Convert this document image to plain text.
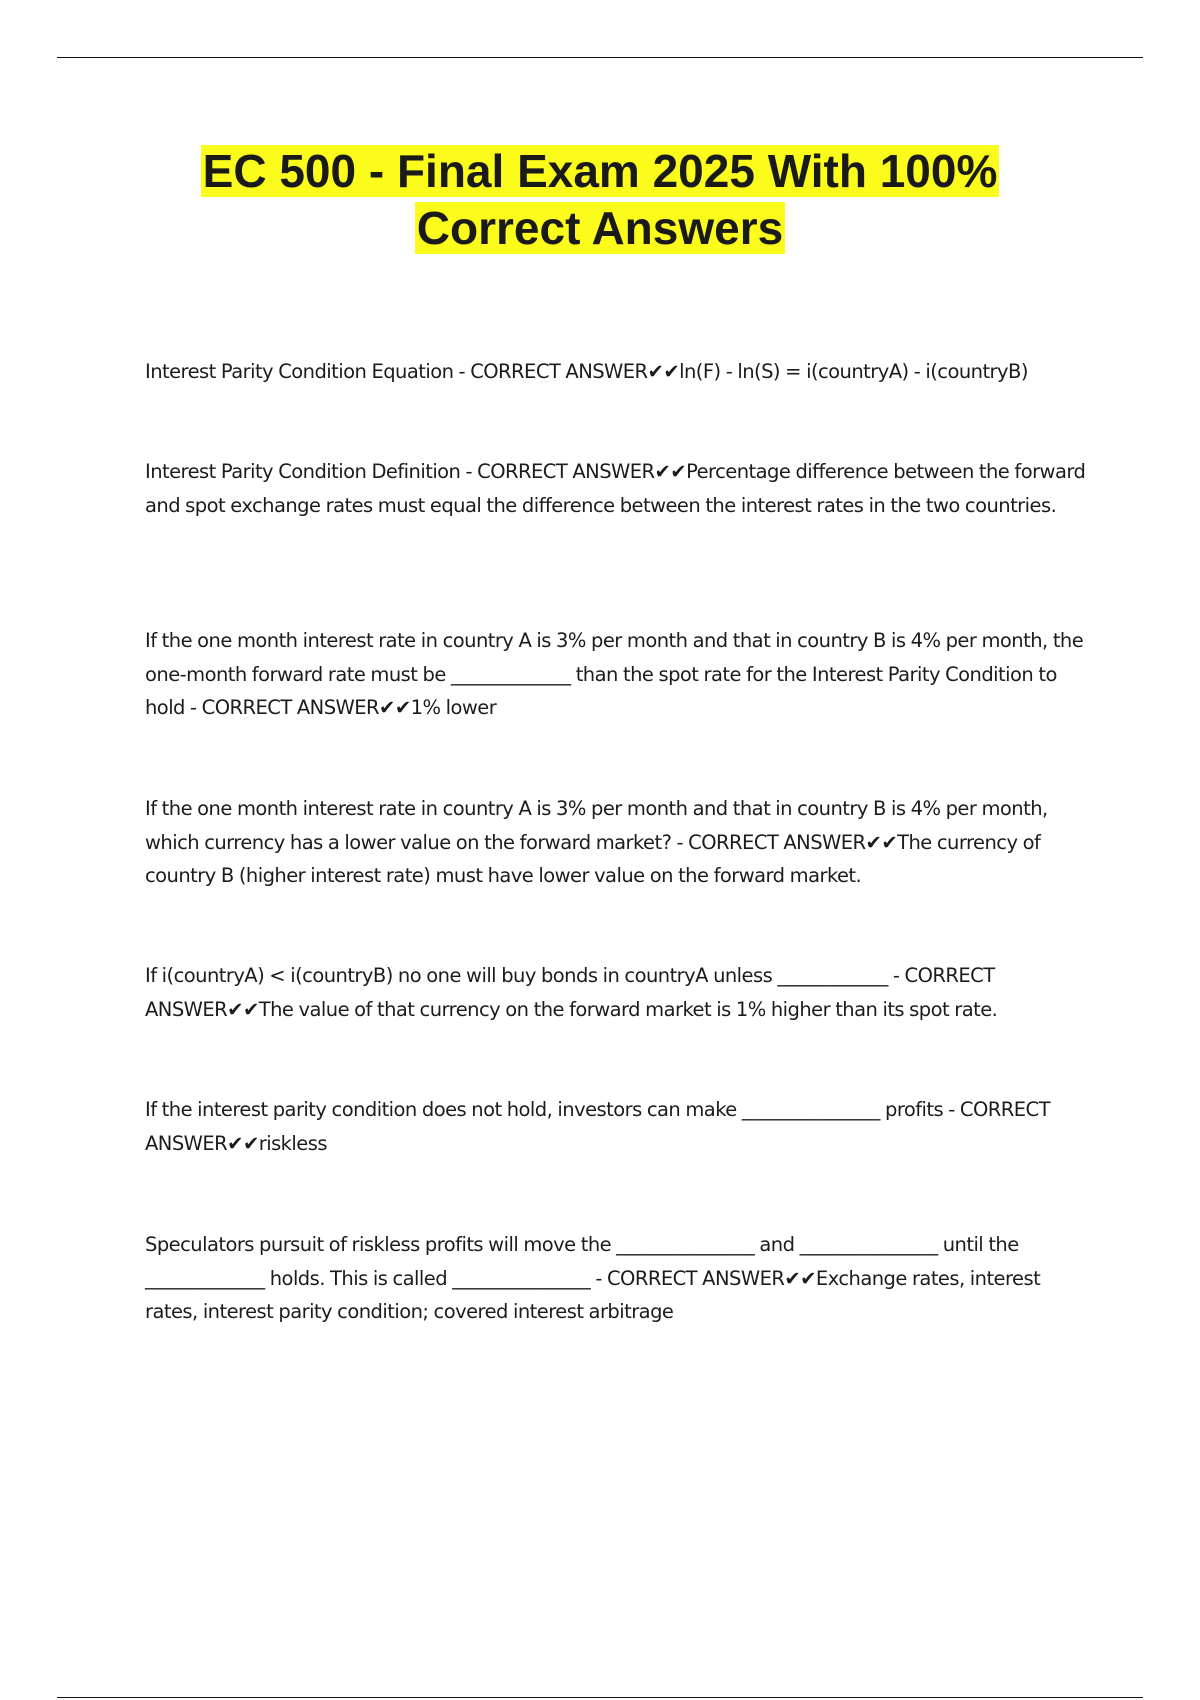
EC 500 - Final Exam 2025 With 100%
Correct Answers

Interest Parity Condition Equation - CORRECT ANSWER✔✔ln(F) - ln(S) = i(countryA) - i(countryB)

Interest Parity Condition Definition - CORRECT ANSWER✔✔Percentage difference between the forward and spot exchange rates must equal the difference between the interest rates in the two countries.

If the one month interest rate in country A is 3% per month and that in country B is 4% per month, the one-month forward rate must be _____________ than the spot rate for the Interest Parity Condition to hold - CORRECT ANSWER✔✔1% lower

If the one month interest rate in country A is 3% per month and that in country B is 4% per month, which currency has a lower value on the forward market? - CORRECT ANSWER✔✔The currency of country B (higher interest rate) must have lower value on the forward market.

If i(countryA) < i(countryB) no one will buy bonds in countryA unless ____________ - CORRECT ANSWER✔✔The value of that currency on the forward market is 1% higher than its spot rate.

If the interest parity condition does not hold, investors can make _______________ profits - CORRECT ANSWER✔✔riskless

Speculators pursuit of riskless profits will move the _______________ and _______________ until the _____________ holds. This is called _______________ - CORRECT ANSWER✔✔Exchange rates, interest rates, interest parity condition; covered interest arbitrage
